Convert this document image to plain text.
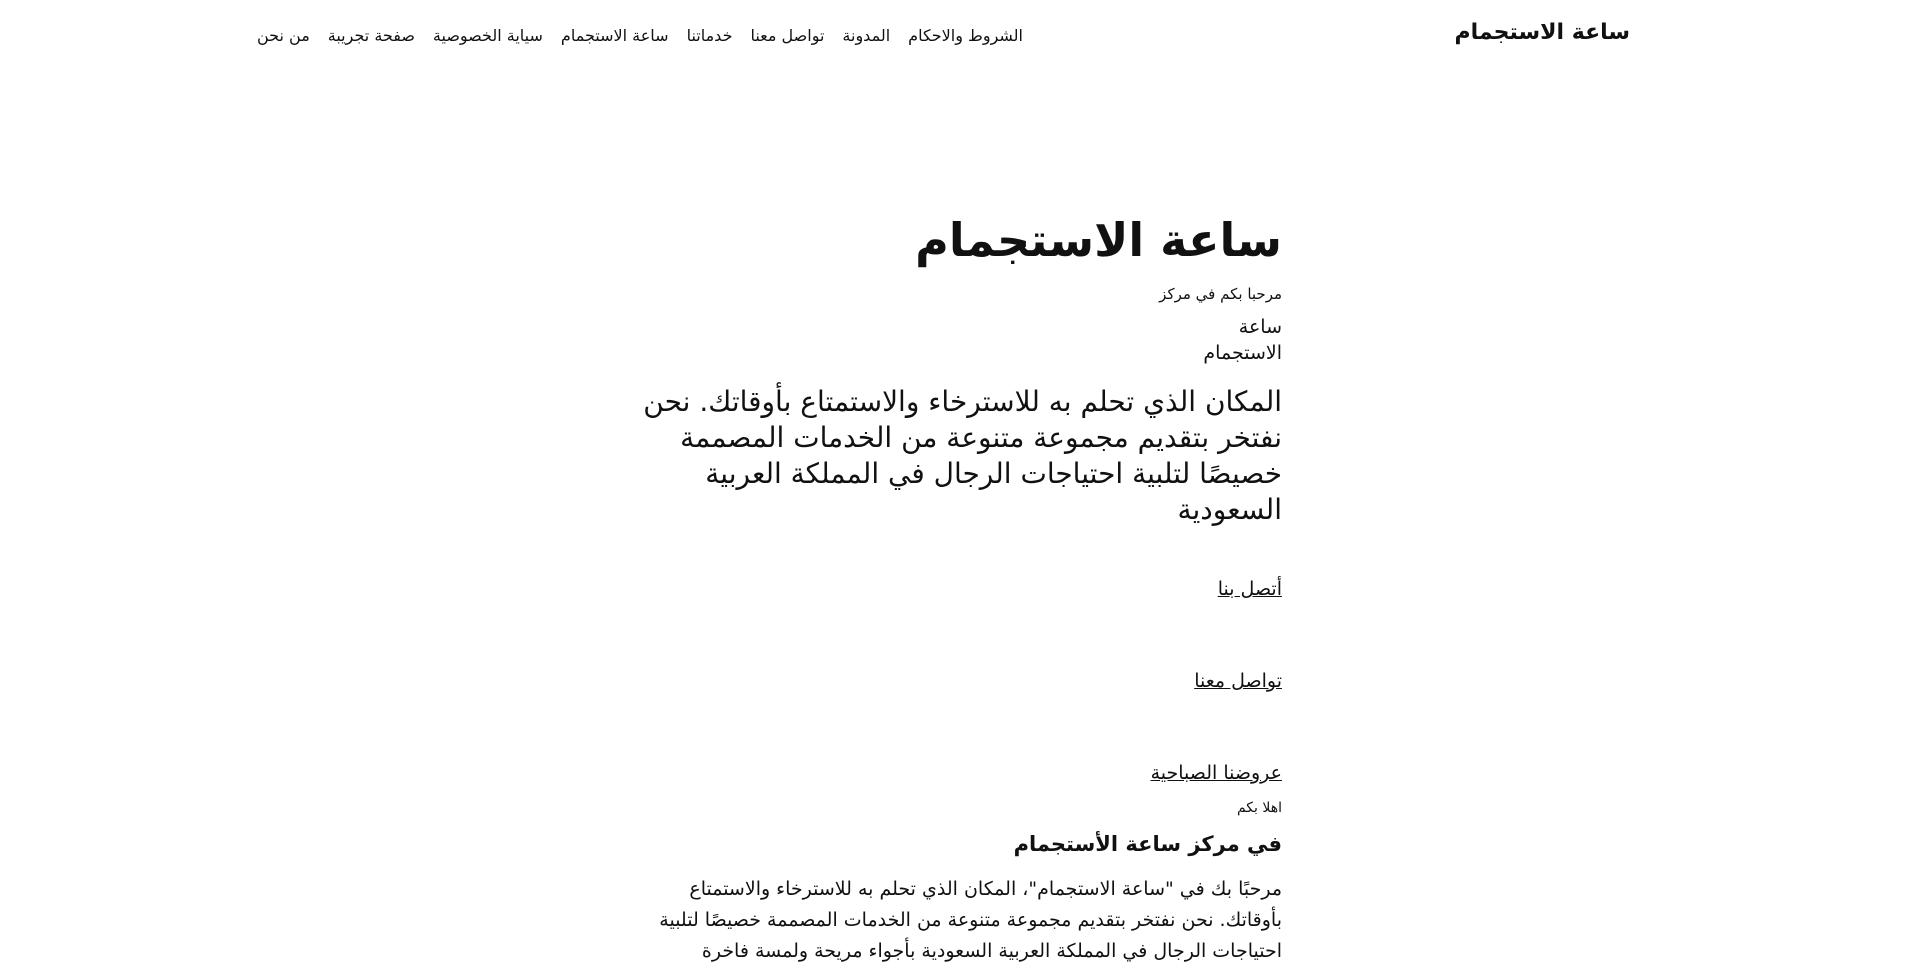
ساعة الاستجمام
الشروط والاحكام
المدونة
تواصل معنا
خدماتنا
ساعة الاستجمام
سياية الخصوصية
صفحة تجريبة
من نحن
ساعة الاستجمام

مرحبا بكم في مركز

ساعة الاستجمام

المكان الذي تحلم به للاسترخاء والاستمتاع بأوقاتك. نحن نفتخر بتقديم مجموعة متنوعة من الخدمات المصممة خصيصًا لتلبية احتياجات الرجال في المملكة العربية السعودية

أتصل بنا

تواصل معنا

عروضنا الصباحية

اهلا بكم

في مركز ساعة الأستجمام

مرحبًا بك في "ساعة الاستجمام"، المكان الذي تحلم به للاسترخاء والاستمتاع بأوقاتك. نحن نفتخر بتقديم مجموعة متنوعة من الخدمات المصممة خصيصًا لتلبية احتياجات الرجال في المملكة العربية السعودية بأجواء مريحة ولمسة فاخرة
